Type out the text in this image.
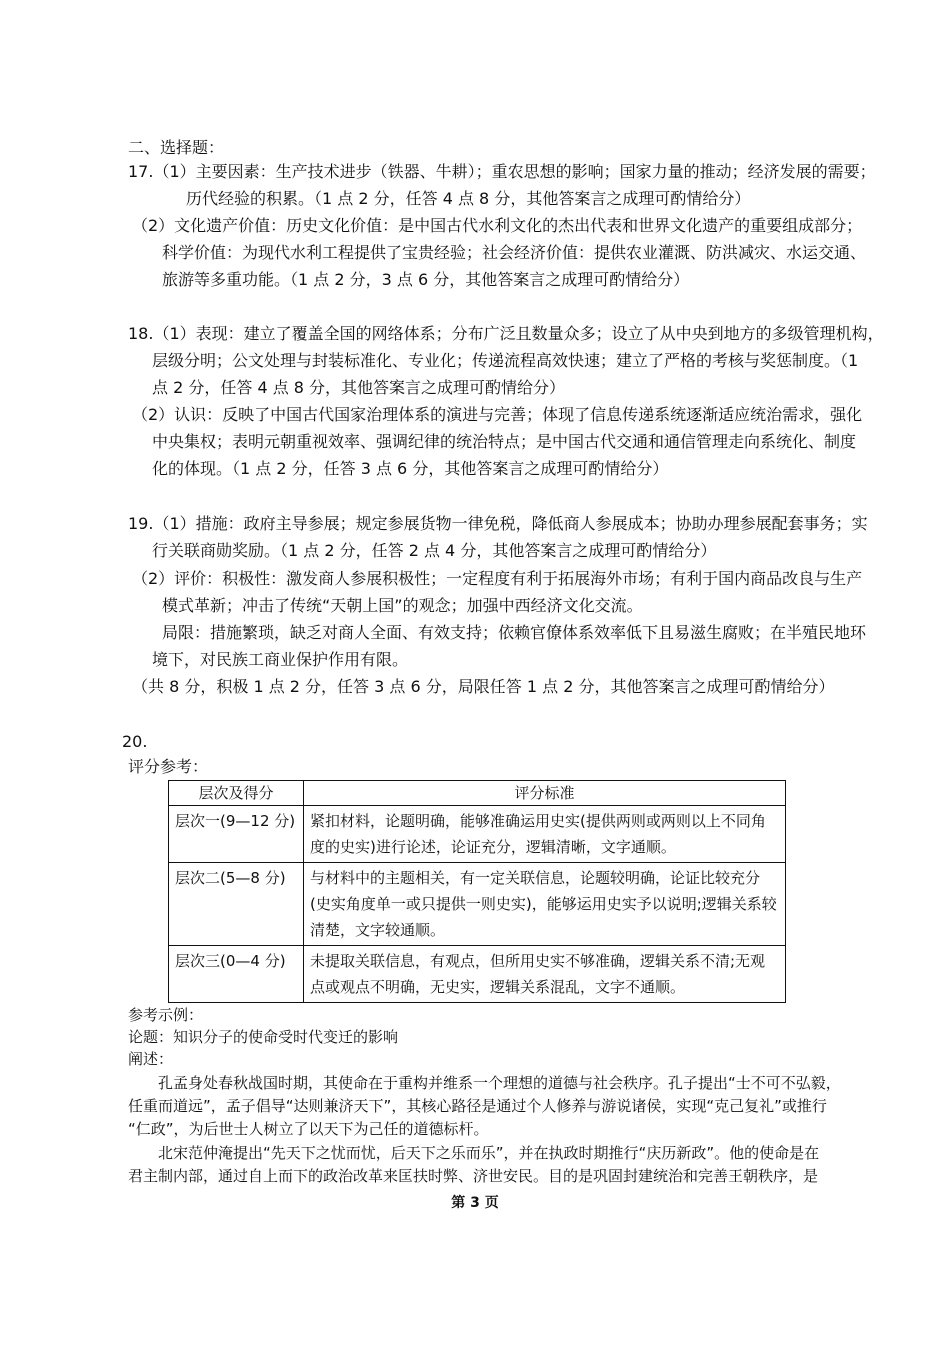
二、选择题：
17.（1）主要因素：生产技术进步（铁器、牛耕）；重农思想的影响；国家力量的推动；经济发展的需要；
历代经验的积累。（1 点 2 分，任答 4 点 8 分，其他答案言之成理可酌情给分）
（2）文化遗产价值：历史文化价值：是中国古代水利文化的杰出代表和世界文化遗产的重要组成部分；
科学价值：为现代水利工程提供了宝贵经验；社会经济价值：提供农业灌溉、防洪减灾、水运交通、
旅游等多重功能。（1 点 2 分，3 点 6 分，其他答案言之成理可酌情给分）
18.（1）表现：建立了覆盖全国的网络体系；分布广泛且数量众多；设立了从中央到地方的多级管理机构，
层级分明；公文处理与封装标准化、专业化；传递流程高效快速；建立了严格的考核与奖惩制度。（1
点 2 分，任答 4 点 8 分，其他答案言之成理可酌情给分）
（2）认识：反映了中国古代国家治理体系的演进与完善；体现了信息传递系统逐渐适应统治需求，强化
中央集权；表明元朝重视效率、强调纪律的统治特点；是中国古代交通和通信管理走向系统化、制度
化的体现。（1 点 2 分，任答 3 点 6 分，其他答案言之成理可酌情给分）
19.（1）措施：政府主导参展；规定参展货物一律免税，降低商人参展成本；协助办理参展配套事务；实
行关联商勋奖励。（1 点 2 分，任答 2 点 4 分，其他答案言之成理可酌情给分）
（2）评价：积极性：激发商人参展积极性；一定程度有利于拓展海外市场；有利于国内商品改良与生产
模式革新；冲击了传统“天朝上国”的观念；加强中西经济文化交流。
局限：措施繁琐，缺乏对商人全面、有效支持；依赖官僚体系效率低下且易滋生腐败；在半殖民地环
境下，对民族工商业保护作用有限。
（共 8 分，积极 1 点 2 分，任答 3 点 6 分，局限任答 1 点 2 分，其他答案言之成理可酌情给分）
20.
评分参考：
层次及得分	评分标准
层次一(9—12 分)	紧扣材料，论题明确，能够准确运用史实(提供两则或两则以上不同角度的史实)进行论述，论证充分，逻辑清晰，文字通顺。
层次二(5—8 分)	与材料中的主题相关，有一定关联信息，论题较明确，论证比较充分(史实角度单一或只提供一则史实)，能够运用史实予以说明;逻辑关系较清楚，文字较通顺。
层次三(0—4 分)	未提取关联信息，有观点，但所用史实不够准确，逻辑关系不清;无观点或观点不明确，无史实，逻辑关系混乱，文字不通顺。
参考示例：
论题：知识分子的使命受时代变迁的影响
阐述：
孔孟身处春秋战国时期，其使命在于重构并维系一个理想的道德与社会秩序。孔子提出“士不可不弘毅，
任重而道远”，孟子倡导“达则兼济天下”，其核心路径是通过个人修养与游说诸侯，实现“克己复礼”或推行
“仁政”，为后世士人树立了以天下为己任的道德标杆。
北宋范仲淹提出“先天下之忧而忧，后天下之乐而乐”，并在执政时期推行“庆历新政”。他的使命是在
君主制内部，通过自上而下的政治改革来匡扶时弊、济世安民。目的是巩固封建统治和完善王朝秩序，是
第 3 页
